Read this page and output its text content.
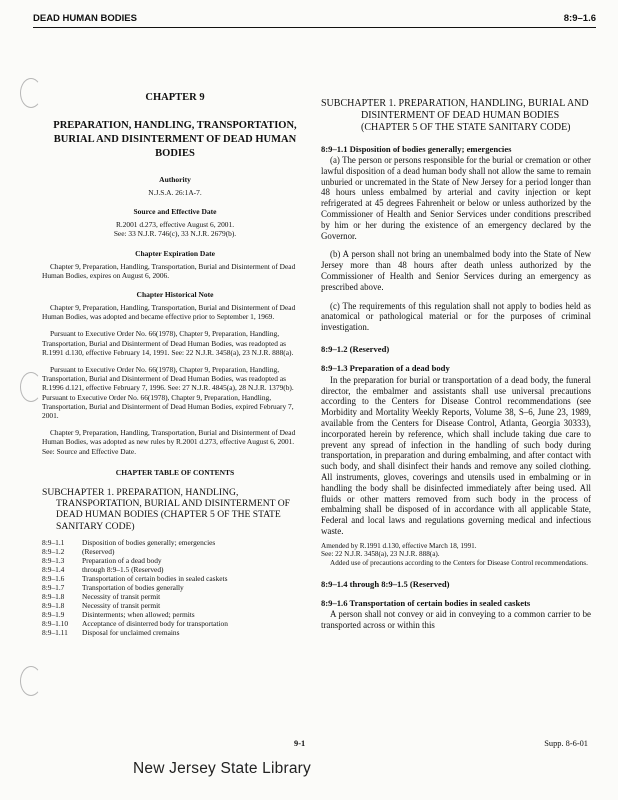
DEAD HUMAN BODIES	8:9–1.6

CHAPTER 9

PREPARATION, HANDLING, TRANSPORTATION, BURIAL AND DISINTERMENT OF DEAD HUMAN BODIES

Authority

N.J.S.A. 26:1A-7.

Source and Effective Date

R.2001 d.273, effective August 6, 2001.

See: 33 N.J.R. 746(c), 33 N.J.R. 2679(b).

Chapter Expiration Date

Chapter 9, Preparation, Handling, Transportation, Burial and Disinterment of Dead Human Bodies, expires on August 6, 2006.

Chapter Historical Note

Chapter 9, Preparation, Handling, Transportation, Burial and Disinterment of Dead Human Bodies, was adopted and became effective prior to September 1, 1969.

Pursuant to Executive Order No. 66(1978), Chapter 9, Preparation, Handling, Transportation, Burial and Disinterment of Dead Human Bodies, was readopted as R.1991 d.130, effective February 14, 1991. See: 22 N.J.R. 3458(a), 23 N.J.R. 888(a).

Pursuant to Executive Order No. 66(1978), Chapter 9, Preparation, Handling, Transportation, Burial and Disinterment of Dead Human Bodies, was readopted as R.1996 d.121, effective February 7, 1996. See: 27 N.J.R. 4845(a), 28 N.J.R. 1379(b). Pursuant to Executive Order No. 66(1978), Chapter 9, Preparation, Handling, Transportation, Burial and Disinterment of Dead Human Bodies, expired February 7, 2001.

Chapter 9, Preparation, Handling, Transportation, Burial and Disinterment of Dead Human Bodies, was adopted as new rules by R.2001 d.273, effective August 6, 2001. See: Source and Effective Date.

CHAPTER TABLE OF CONTENTS

SUBCHAPTER 1. PREPARATION, HANDLING, TRANSPORTATION, BURIAL AND DISINTERMENT OF DEAD HUMAN BODIES (CHAPTER 5 OF THE STATE SANITARY CODE)

8:9–1.1 Disposition of bodies generally; emergencies
8:9–1.2 (Reserved)
8:9–1.3 Preparation of a dead body
8:9–1.4 through 8:9–1.5 (Reserved)
8:9–1.6 Transportation of certain bodies in sealed caskets
8:9–1.7 Transportation of bodies generally
8:9–1.8 Necessity of transit permit
8:9–1.8 Necessity of transit permit
8:9–1.9 Disinterments; when allowed; permits
8:9–1.10 Acceptance of disinterred body for transportation
8:9–1.11 Disposal for unclaimed cremains

SUBCHAPTER 1. PREPARATION, HANDLING, BURIAL AND DISINTERMENT OF DEAD HUMAN BODIES (CHAPTER 5 OF THE STATE SANITARY CODE)

8:9–1.1 Disposition of bodies generally; emergencies

(a) The person or persons responsible for the burial or cremation or other lawful disposition of a dead human body shall not allow the same to remain unburied or uncremated in the State of New Jersey for a period longer than 48 hours unless embalmed by arterial and cavity injection or kept refrigerated at 45 degrees Fahrenheit or below or unless authorized by the Commissioner of Health and Senior Services under conditions prescribed by him or her during the existence of an emergency declared by the Governor.

(b) A person shall not bring an unembalmed body into the State of New Jersey more than 48 hours after death unless authorized by the Commissioner of Health and Senior Services during an emergency as prescribed above.

(c) The requirements of this regulation shall not apply to bodies held as anatomical or pathological material or for the purposes of criminal investigation.

8:9–1.2 (Reserved)

8:9–1.3 Preparation of a dead body

In the preparation for burial or transportation of a dead body, the funeral director, the embalmer and assistants shall use universal precautions according to the Centers for Disease Control recommendations (see Morbidity and Mortality Weekly Reports, Volume 38, S–6, June 23, 1989, available from the Centers for Disease Control, Atlanta, Georgia 30333), incorporated herein by reference, which shall include taking due care to prevent any spread of infection in the handling of such body during transportation, in preparation and during embalming, and after contact with such body, and shall disinfect their hands and remove any soiled clothing. All instruments, gloves, coverings and utensils used in embalming or in handling the body shall be disinfected immediately after being used. All fluids or other matters removed from such body in the process of embalming shall be disposed of in accordance with all applicable State, Federal and local laws and regulations governing medical and infectious waste.

Amended by R.1991 d.130, effective March 18, 1991.

See: 22 N.J.R. 3458(a), 23 N.J.R. 888(a).

Added use of precautions according to the Centers for Disease Control recommendations.

8:9–1.4 through 8:9–1.5 (Reserved)

8:9–1.6 Transportation of certain bodies in sealed caskets

A person shall not convey or aid in conveying to a common carrier to be transported across or within this

9-1	Supp. 8-6-01
New Jersey State Library
